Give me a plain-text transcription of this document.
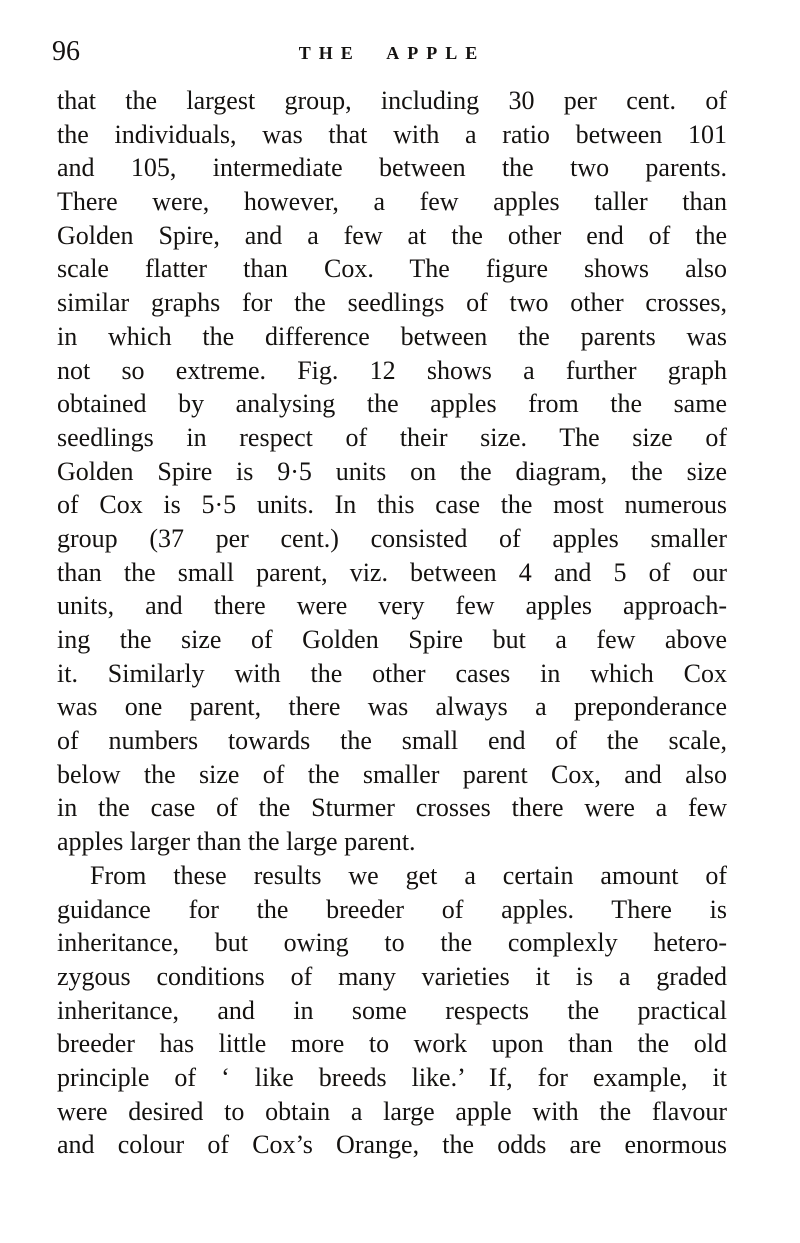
96	THE APPLE
that the largest group, including 30 per cent. of
the individuals, was that with a ratio between 101
and 105, intermediate between the two parents.
There were, however, a few apples taller than
Golden Spire, and a few at the other end of the
scale flatter than Cox. The figure shows also
similar graphs for the seedlings of two other crosses,
in which the difference between the parents was
not so extreme. Fig. 12 shows a further graph
obtained by analysing the apples from the same
seedlings in respect of their size. The size of
Golden Spire is 9·5 units on the diagram, the size
of Cox is 5·5 units. In this case the most numerous
group (37 per cent.) consisted of apples smaller
than the small parent, viz. between 4 and 5 of our
units, and there were very few apples approach-
ing the size of Golden Spire but a few above
it. Similarly with the other cases in which Cox
was one parent, there was always a preponderance
of numbers towards the small end of the scale,
below the size of the smaller parent Cox, and also
in the case of the Sturmer crosses there were a few
apples larger than the large parent.
From these results we get a certain amount of
guidance for the breeder of apples. There is
inheritance, but owing to the complexly hetero-
zygous conditions of many varieties it is a graded
inheritance, and in some respects the practical
breeder has little more to work upon than the old
principle of ‘ like breeds like.’ If, for example, it
were desired to obtain a large apple with the flavour
and colour of Cox’s Orange, the odds are enormous
